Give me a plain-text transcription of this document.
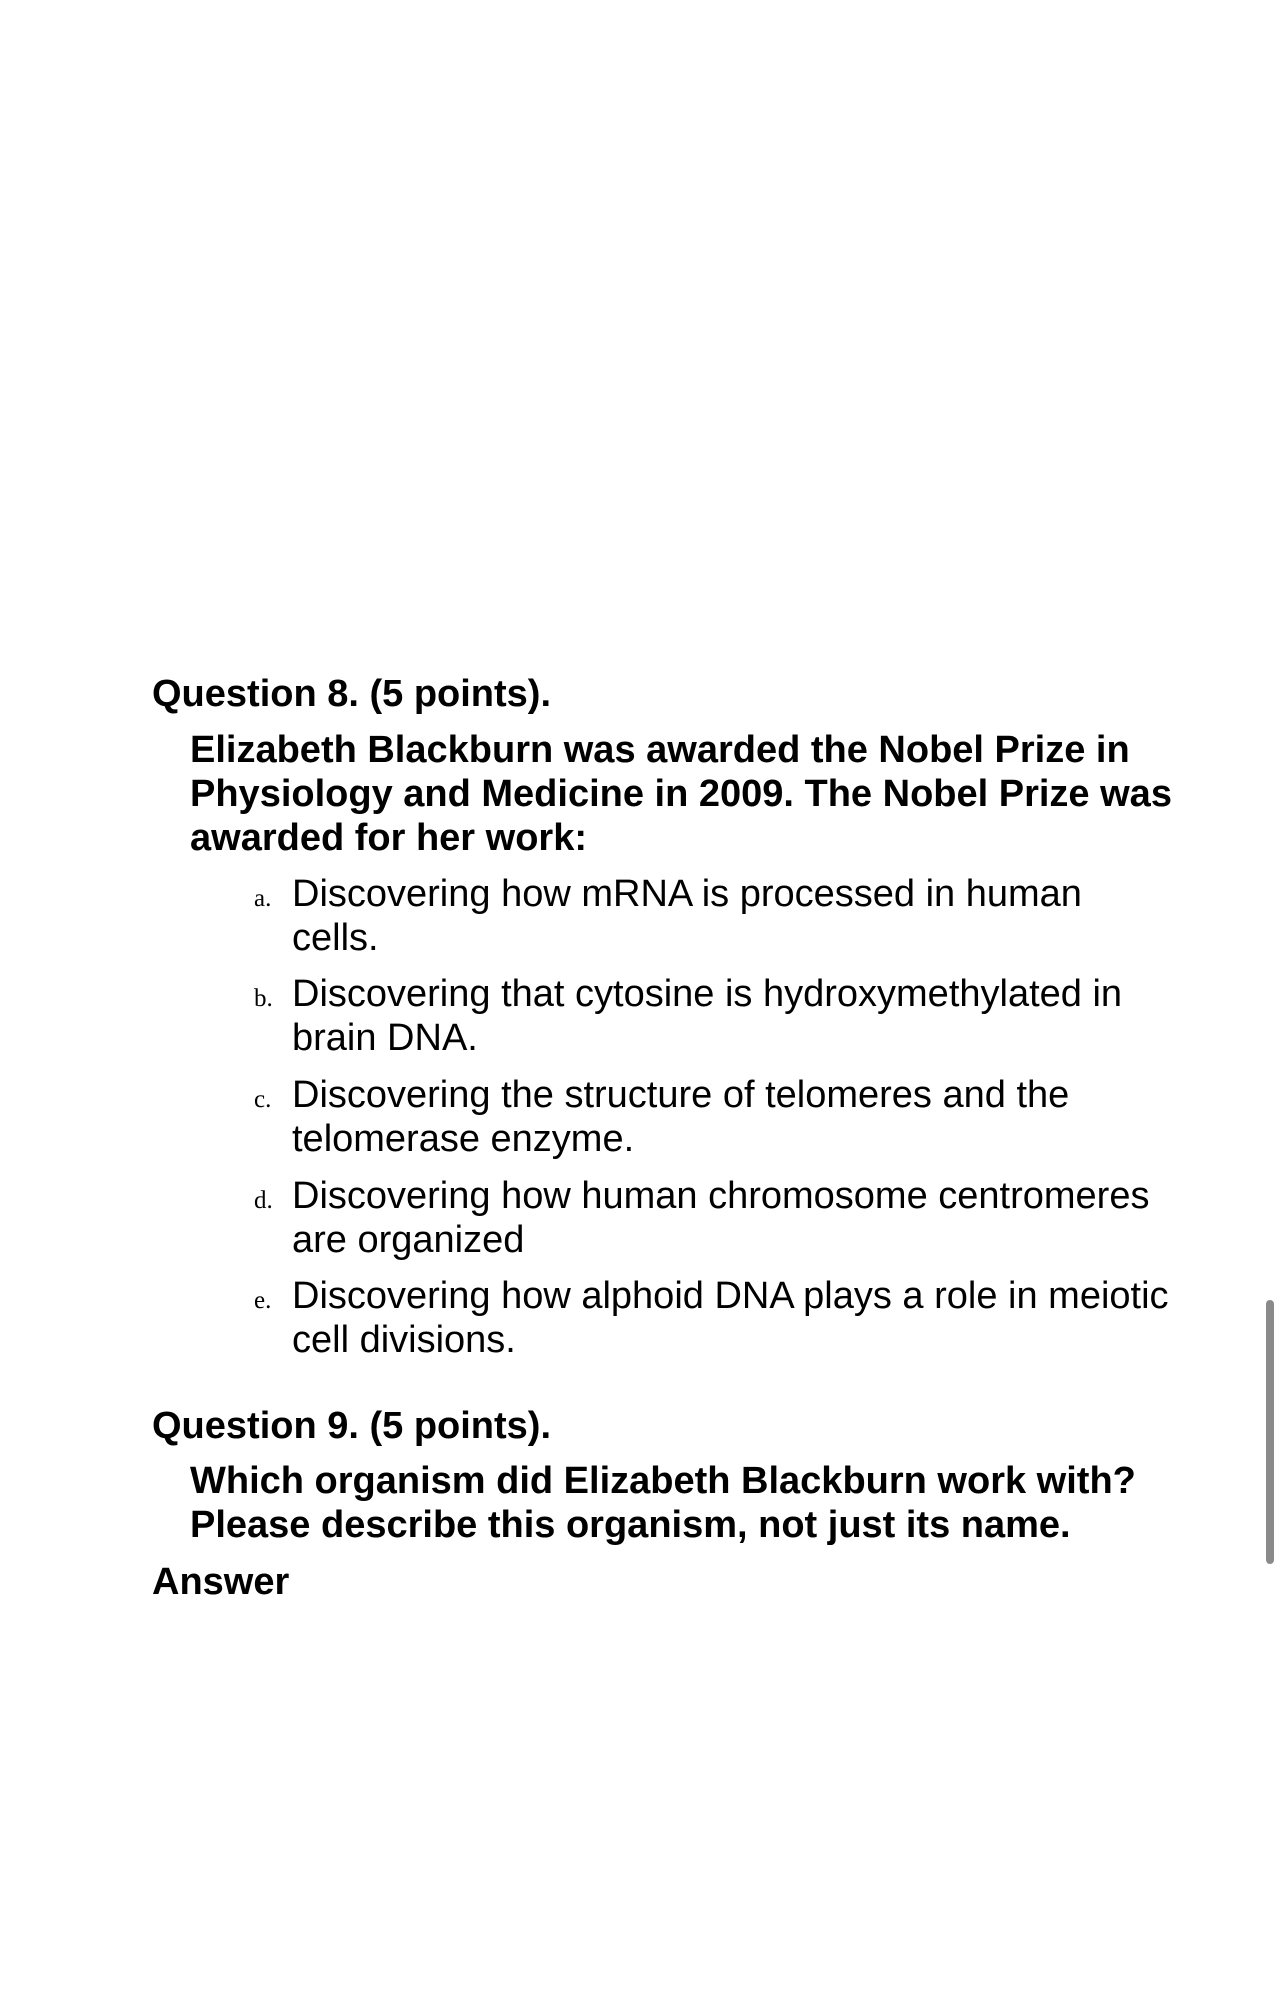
Question 8. (5 points).
Elizabeth Blackburn was awarded the Nobel Prize in Physiology and Medicine in 2009. The Nobel Prize was awarded for her work:
a. Discovering how mRNA is processed in human cells.
b. Discovering that cytosine is hydroxymethylated in brain DNA.
c. Discovering the structure of telomeres and the telomerase enzyme.
d. Discovering how human chromosome centromeres are organized
e. Discovering how alphoid DNA plays a role in meiotic cell divisions.
Question 9. (5 points).
Which organism did Elizabeth Blackburn work with? Please describe this organism, not just its name.
Answer
